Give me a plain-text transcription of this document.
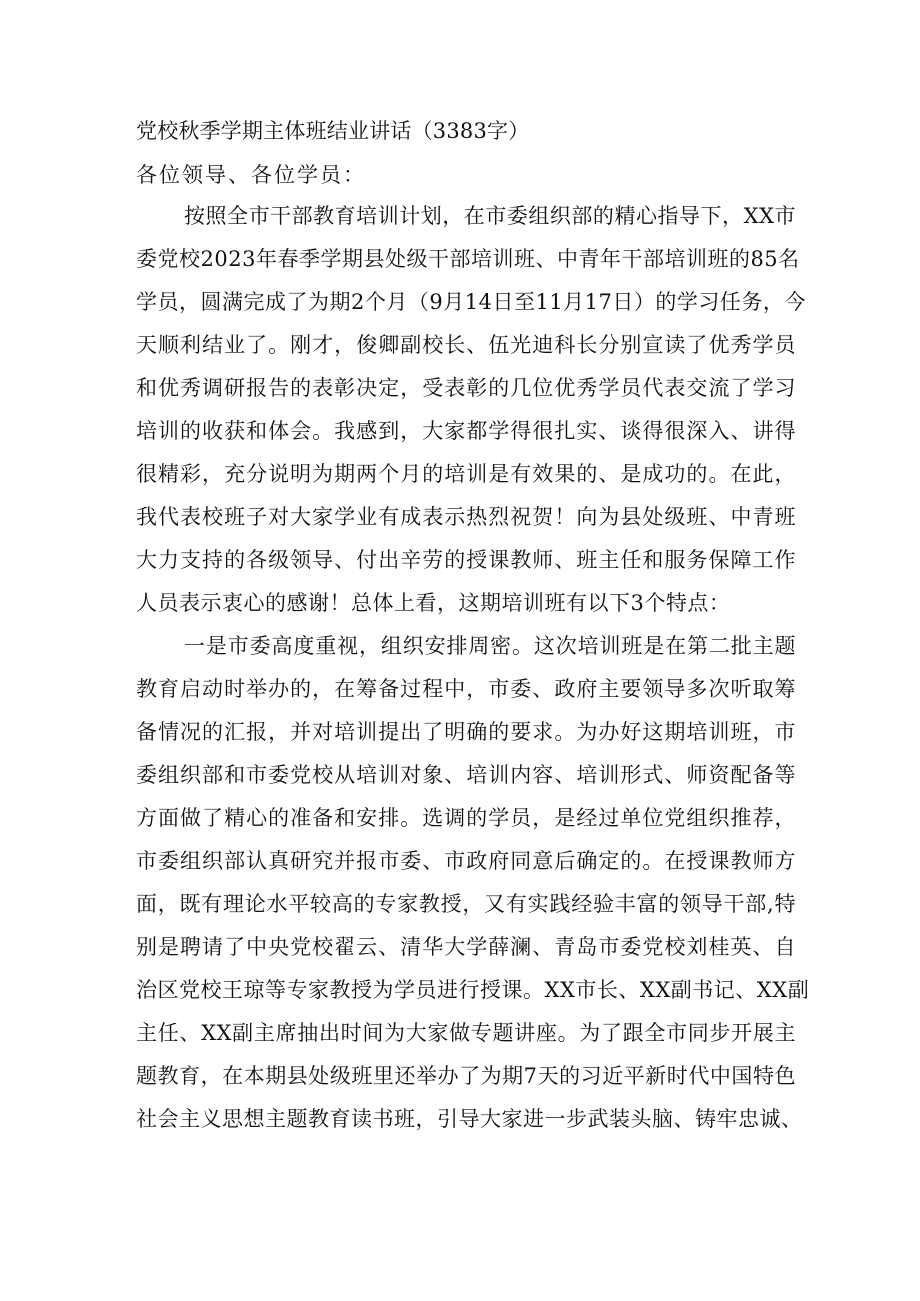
党校秋季学期主体班结业讲话（3383字）
各位领导、各位学员：
按照全市干部教育培训计划，在市委组织部的精心指导下，XX市
委党校2023年春季学期县处级干部培训班、中青年干部培训班的85名
学员，圆满完成了为期2个月（9月14日至11月17日）的学习任务，今
天顺利结业了。刚才，俊卿副校长、伍光迪科长分别宣读了优秀学员
和优秀调研报告的表彰决定，受表彰的几位优秀学员代表交流了学习
培训的收获和体会。我感到，大家都学得很扎实、谈得很深入、讲得
很精彩，充分说明为期两个月的培训是有效果的、是成功的。在此，
我代表校班子对大家学业有成表示热烈祝贺！向为县处级班、中青班
大力支持的各级领导、付出辛劳的授课教师、班主任和服务保障工作
人员表示衷心的感谢！总体上看，这期培训班有以下3个特点：
一是市委高度重视，组织安排周密。这次培训班是在第二批主题
教育启动时举办的，在筹备过程中，市委、政府主要领导多次听取筹
备情况的汇报，并对培训提出了明确的要求。为办好这期培训班，市
委组织部和市委党校从培训对象、培训内容、培训形式、师资配备等
方面做了精心的准备和安排。选调的学员，是经过单位党组织推荐，
市委组织部认真研究并报市委、市政府同意后确定的。在授课教师方
面，既有理论水平较高的专家教授，又有实践经验丰富的领导干部,特
别是聘请了中央党校翟云、清华大学薛澜、青岛市委党校刘桂英、自
治区党校王琼等专家教授为学员进行授课。XX市长、XX副书记、XX副
主任、XX副主席抽出时间为大家做专题讲座。为了跟全市同步开展主
题教育，在本期县处级班里还举办了为期7天的习近平新时代中国特色
社会主义思想主题教育读书班，引导大家进一步武装头脑、铸牢忠诚、
